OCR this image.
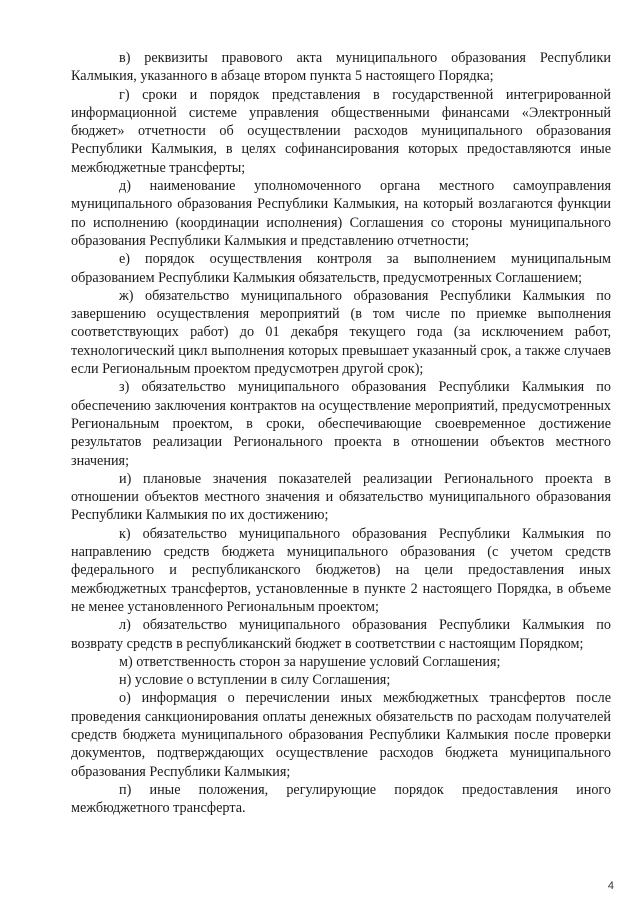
в) реквизиты правового акта муниципального образования Республики Калмыкия, указанного в абзаце втором пункта 5 настоящего Порядка;

г) сроки и порядок представления в государственной интегрированной информационной системе управления общественными финансами «Электронный бюджет» отчетности об осуществлении расходов муниципального образования Республики Калмыкия, в целях софинансирования которых предоставляются иные межбюджетные трансферты;

д) наименование уполномоченного органа местного самоуправления муниципального образования Республики Калмыкия, на который возлагаются функции по исполнению (координации исполнения) Соглашения со стороны муниципального образования Республики Калмыкия и представлению отчетности;

е) порядок осуществления контроля за выполнением муниципальным образованием Республики Калмыкия обязательств, предусмотренных Соглашением;

ж) обязательство муниципального образования Республики Калмыкия по завершению осуществления мероприятий (в том числе по приемке выполнения соответствующих работ) до 01 декабря текущего года (за исключением работ, технологический цикл выполнения которых превышает указанный срок, а также случаев если Региональным проектом предусмотрен другой срок);

з) обязательство муниципального образования Республики Калмыкия по обеспечению заключения контрактов на осуществление мероприятий, предусмотренных Региональным проектом, в сроки, обеспечивающие своевременное достижение результатов реализации Регионального проекта в отношении объектов местного значения;

и) плановые значения показателей реализации Регионального проекта в отношении объектов местного значения и обязательство муниципального образования Республики Калмыкия по их достижению;

к) обязательство муниципального образования Республики Калмыкия по направлению средств бюджета муниципального образования (с учетом средств федерального и республиканского бюджетов) на цели предоставления иных межбюджетных трансфертов, установленные в пункте 2 настоящего Порядка, в объеме не менее установленного Региональным проектом;

л) обязательство муниципального образования Республики Калмыкия по возврату средств в республиканский бюджет в соответствии с настоящим Порядком;

м) ответственность сторон за нарушение условий Соглашения;

н) условие о вступлении в силу Соглашения;

о) информация о перечислении иных межбюджетных трансфертов после проведения санкционирования оплаты денежных обязательств по расходам получателей средств бюджета муниципального образования Республики Калмыкия после проверки документов, подтверждающих осуществление расходов бюджета муниципального образования Республики Калмыкия;

п) иные положения, регулирующие порядок предоставления иного межбюджетного трансферта.

4
